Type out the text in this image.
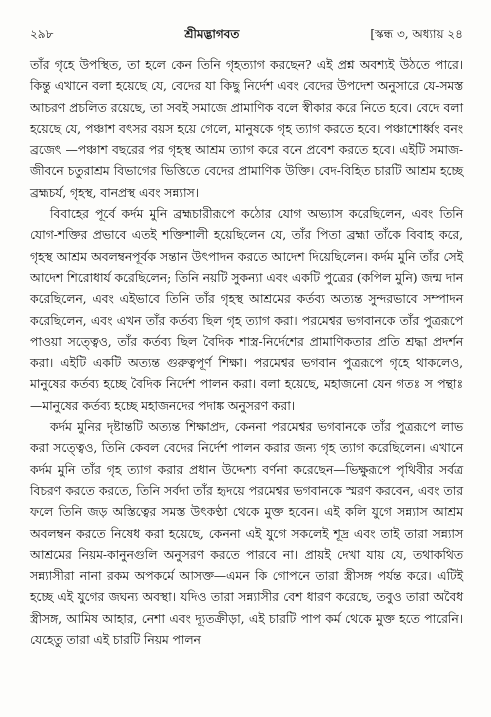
২৯৮	শ্রীমদ্ভাগবত	[স্কন্ধ ৩, অধ্যায় ২৪

তাঁর গৃহে উপস্থিত, তা হলে কেন তিনি গৃহত্যাগ করছেন? এই প্রশ্ন অবশ্যই উঠতে পারে। কিন্তু এখানে বলা হয়েছে যে, বেদের যা কিছু নির্দেশ এবং বেদের উপদেশ অনুসারে যে-সমস্ত আচরণ প্রচলিত রয়েছে, তা সবই সমাজে প্রামাণিক বলে স্বীকার করে নিতে হবে। বেদে বলা হয়েছে যে, পঞ্চাশ বৎসর বয়স হয়ে গেলে, মানুষকে গৃহ ত্যাগ করতে হবে। পঞ্চাশোর্ধ্বং বনং ব্রজেৎ —পঞ্চাশ বছরের পর গৃহস্থ আশ্রম ত্যাগ করে বনে প্রবেশ করতে হবে। এইটি সমাজ-জীবনে চতুরাশ্রম বিভাগের ভিত্তিতে বেদের প্রামাণিক উক্তি। বেদ-বিহিত চারটি আশ্রম হচ্ছে ব্রহ্মচর্য, গৃহস্থ, বানপ্রস্থ এবং সন্ন্যাস।

বিবাহের পূর্বে কর্দম মুনি ব্রহ্মচারীরূপে কঠোর যোগ অভ্যাস করেছিলেন, এবং তিনি যোগ-শক্তির প্রভাবে এতই শক্তিশালী হয়েছিলেন যে, তাঁর পিতা ব্রহ্মা তাঁকে বিবাহ করে, গৃহস্থ আশ্রম অবলম্বনপূর্বক সন্তান উৎপাদন করতে আদেশ দিয়েছিলেন। কর্দম মুনি তাঁর সেই আদেশ শিরোধার্য করেছিলেন; তিনি নয়টি সুকন্যা এবং একটি পুত্রের (কপিল মুনি) জন্ম দান করেছিলেন, এবং এইভাবে তিনি তাঁর গৃহস্থ আশ্রমের কর্তব্য অত্যন্ত সুন্দরভাবে সম্পাদন করেছিলেন, এবং এখন তাঁর কর্তব্য ছিল গৃহ ত্যাগ করা। পরমেশ্বর ভগবানকে তাঁর পুত্ররূপে পাওয়া সত্ত্বেও, তাঁর কর্তব্য ছিল বৈদিক শাস্ত্র-নির্দেশের প্রামাণিকতার প্রতি শ্রদ্ধা প্রদর্শন করা। এইটি একটি অত্যন্ত গুরুত্বপূর্ণ শিক্ষা। পরমেশ্বর ভগবান পুত্ররূপে গৃহে থাকলেও, মানুষের কর্তব্য হচ্ছে বৈদিক নির্দেশ পালন করা। বলা হয়েছে, মহাজনো যেন গতঃ স পন্থাঃ—মানুষের কর্তব্য হচ্ছে মহাজনদের পদাঙ্ক অনুসরণ করা।

কর্দম মুনির দৃষ্টান্তটি অত্যন্ত শিক্ষাপ্রদ, কেননা পরমেশ্বর ভগবানকে তাঁর পুত্ররূপে লাভ করা সত্ত্বেও, তিনি কেবল বেদের নির্দেশ পালন করার জন্য গৃহ ত্যাগ করেছিলেন। এখানে কর্দম মুনি তাঁর গৃহ ত্যাগ করার প্রধান উদ্দেশ্য বর্ণনা করেছেন—ভিক্ষুরূপে পৃথিবীর সর্বত্র বিচরণ করতে করতে, তিনি সর্বদা তাঁর হৃদয়ে পরমেশ্বর ভগবানকে স্মরণ করবেন, এবং তার ফলে তিনি জড় অস্তিত্বের সমস্ত উৎকণ্ঠা থেকে মুক্ত হবেন। এই কলি যুগে সন্ন্যাস আশ্রম অবলম্বন করতে নিষেধ করা হয়েছে, কেননা এই যুগে সকলেই শূদ্র এবং তাই তারা সন্ন্যাস আশ্রমের নিয়ম-কানুনগুলি অনুসরণ করতে পারবে না। প্রায়ই দেখা যায় যে, তথাকথিত সন্ন্যাসীরা নানা রকম অপকর্মে আসক্ত—এমন কি গোপনে তারা স্ত্রীসঙ্গ পর্যন্ত করে। এটিই হচ্ছে এই যুগের জঘন্য অবস্থা। যদিও তারা সন্ন্যাসীর বেশ ধারণ করেছে, তবুও তারা অবৈধ স্ত্রীসঙ্গ, আমিষ আহার, নেশা এবং দ্যূতক্রীড়া, এই চারটি পাপ কর্ম থেকে মুক্ত হতে পারেনি। যেহেতু তারা এই চারটি নিয়ম পালন
